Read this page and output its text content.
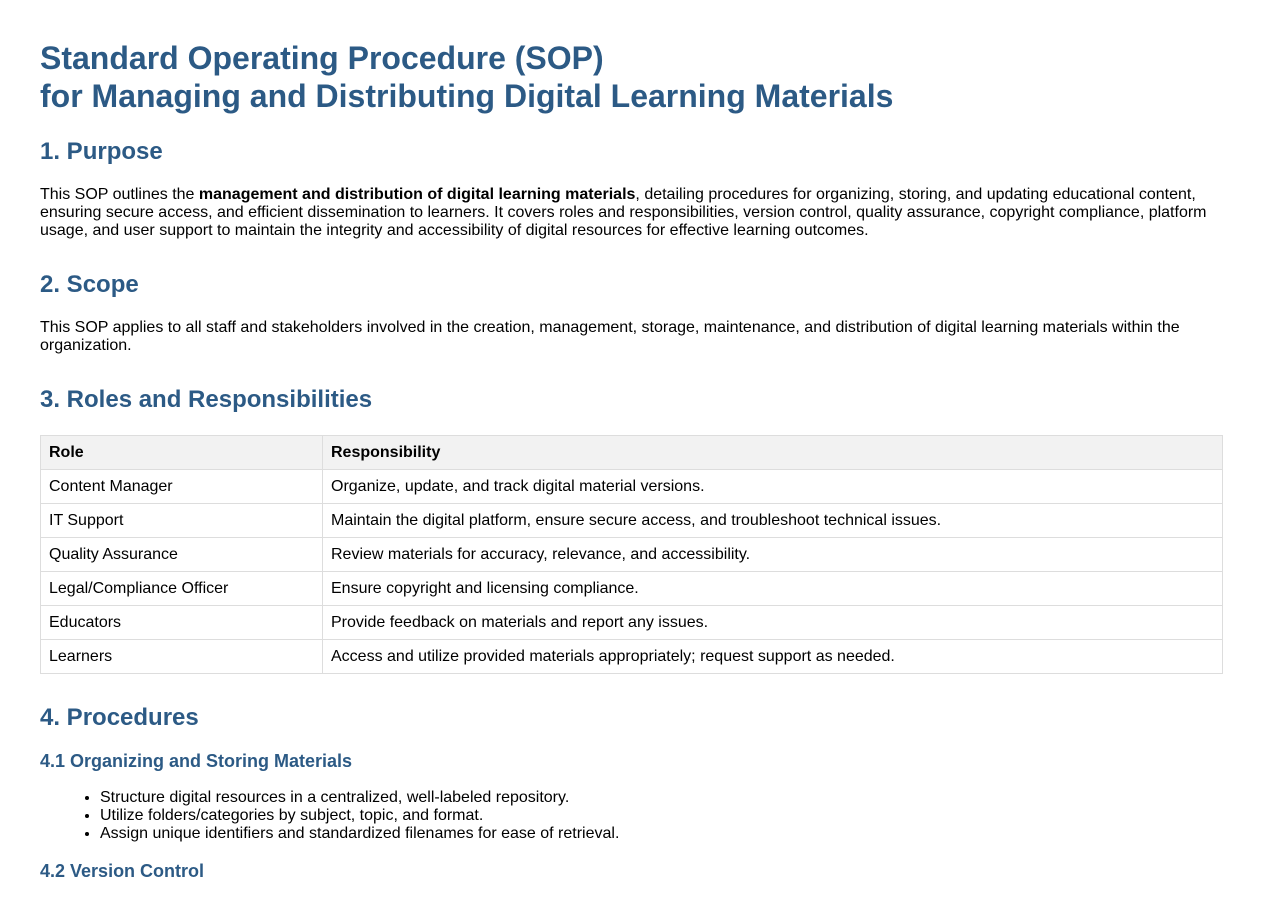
Standard Operating Procedure (SOP)
for Managing and Distributing Digital Learning Materials
1. Purpose

This SOP outlines the management and distribution of digital learning materials, detailing procedures for organizing, storing, and updating educational content, ensuring secure access, and efficient dissemination to learners. It covers roles and responsibilities, version control, quality assurance, copyright compliance, platform usage, and user support to maintain the integrity and accessibility of digital resources for effective learning outcomes.

2. Scope

This SOP applies to all staff and stakeholders involved in the creation, management, storage, maintenance, and distribution of digital learning materials within the organization.

3. Roles and Responsibilities
Role	Responsibility
Content Manager	Organize, update, and track digital material versions.
IT Support	Maintain the digital platform, ensure secure access, and troubleshoot technical issues.
Quality Assurance	Review materials for accuracy, relevance, and accessibility.
Legal/Compliance Officer	Ensure copyright and licensing compliance.
Educators	Provide feedback on materials and report any issues.
Learners	Access and utilize provided materials appropriately; request support as needed.
4. Procedures
4.1 Organizing and Storing Materials
• Structure digital resources in a centralized, well-labeled repository.
• Utilize folders/categories by subject, topic, and format.
• Assign unique identifiers and standardized filenames for ease of retrieval.
4.2 Version Control
